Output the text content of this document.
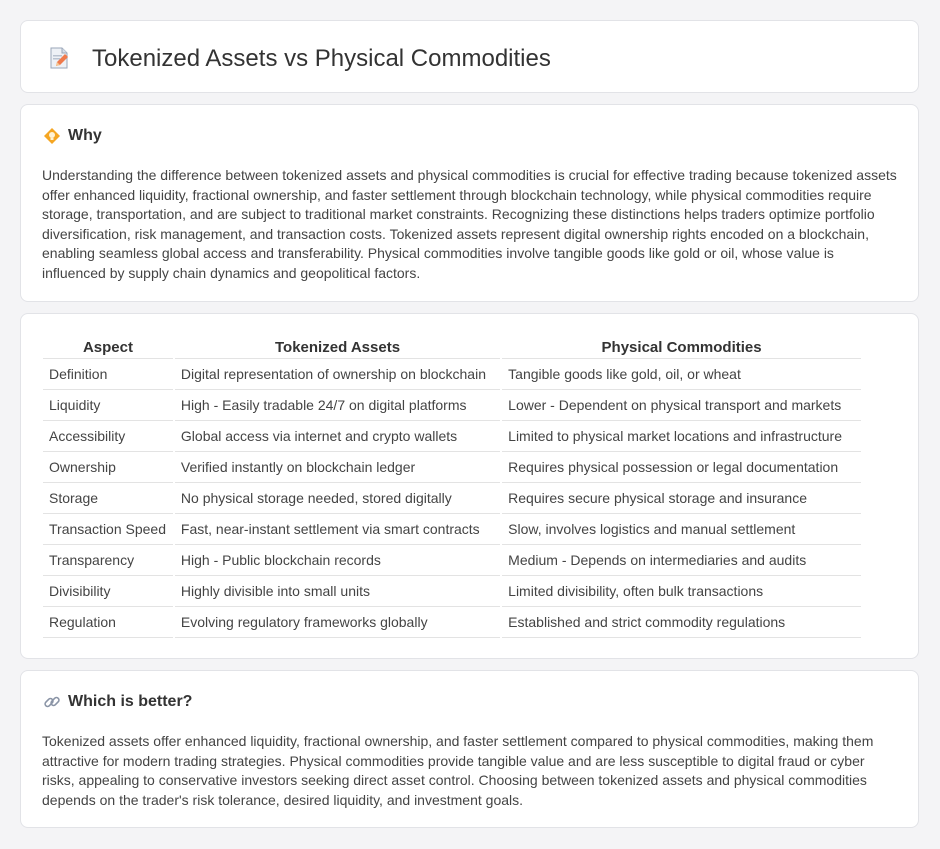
Tokenized Assets vs Physical Commodities
Why

Understanding the difference between tokenized assets and physical commodities is crucial for effective trading because tokenized assets offer enhanced liquidity, fractional ownership, and faster settlement through blockchain technology, while physical commodities require storage, transportation, and are subject to traditional market constraints. Recognizing these distinctions helps traders optimize portfolio diversification, risk management, and transaction costs. Tokenized assets represent digital ownership rights encoded on a blockchain, enabling seamless global access and transferability. Physical commodities involve tangible goods like gold or oil, whose value is influenced by supply chain dynamics and geopolitical factors.

Aspect	Tokenized Assets	Physical Commodities
Definition	Digital representation of ownership on blockchain	Tangible goods like gold, oil, or wheat
Liquidity	High - Easily tradable 24/7 on digital platforms	Lower - Dependent on physical transport and markets
Accessibility	Global access via internet and crypto wallets	Limited to physical market locations and infrastructure
Ownership	Verified instantly on blockchain ledger	Requires physical possession or legal documentation
Storage	No physical storage needed, stored digitally	Requires secure physical storage and insurance
Transaction Speed	Fast, near-instant settlement via smart contracts	Slow, involves logistics and manual settlement
Transparency	High - Public blockchain records	Medium - Depends on intermediaries and audits
Divisibility	Highly divisible into small units	Limited divisibility, often bulk transactions
Regulation	Evolving regulatory frameworks globally	Established and strict commodity regulations
Which is better?

Tokenized assets offer enhanced liquidity, fractional ownership, and faster settlement compared to physical commodities, making them attractive for modern trading strategies. Physical commodities provide tangible value and are less susceptible to digital fraud or cyber risks, appealing to conservative investors seeking direct asset control. Choosing between tokenized assets and physical commodities depends on the trader's risk tolerance, desired liquidity, and investment goals.
